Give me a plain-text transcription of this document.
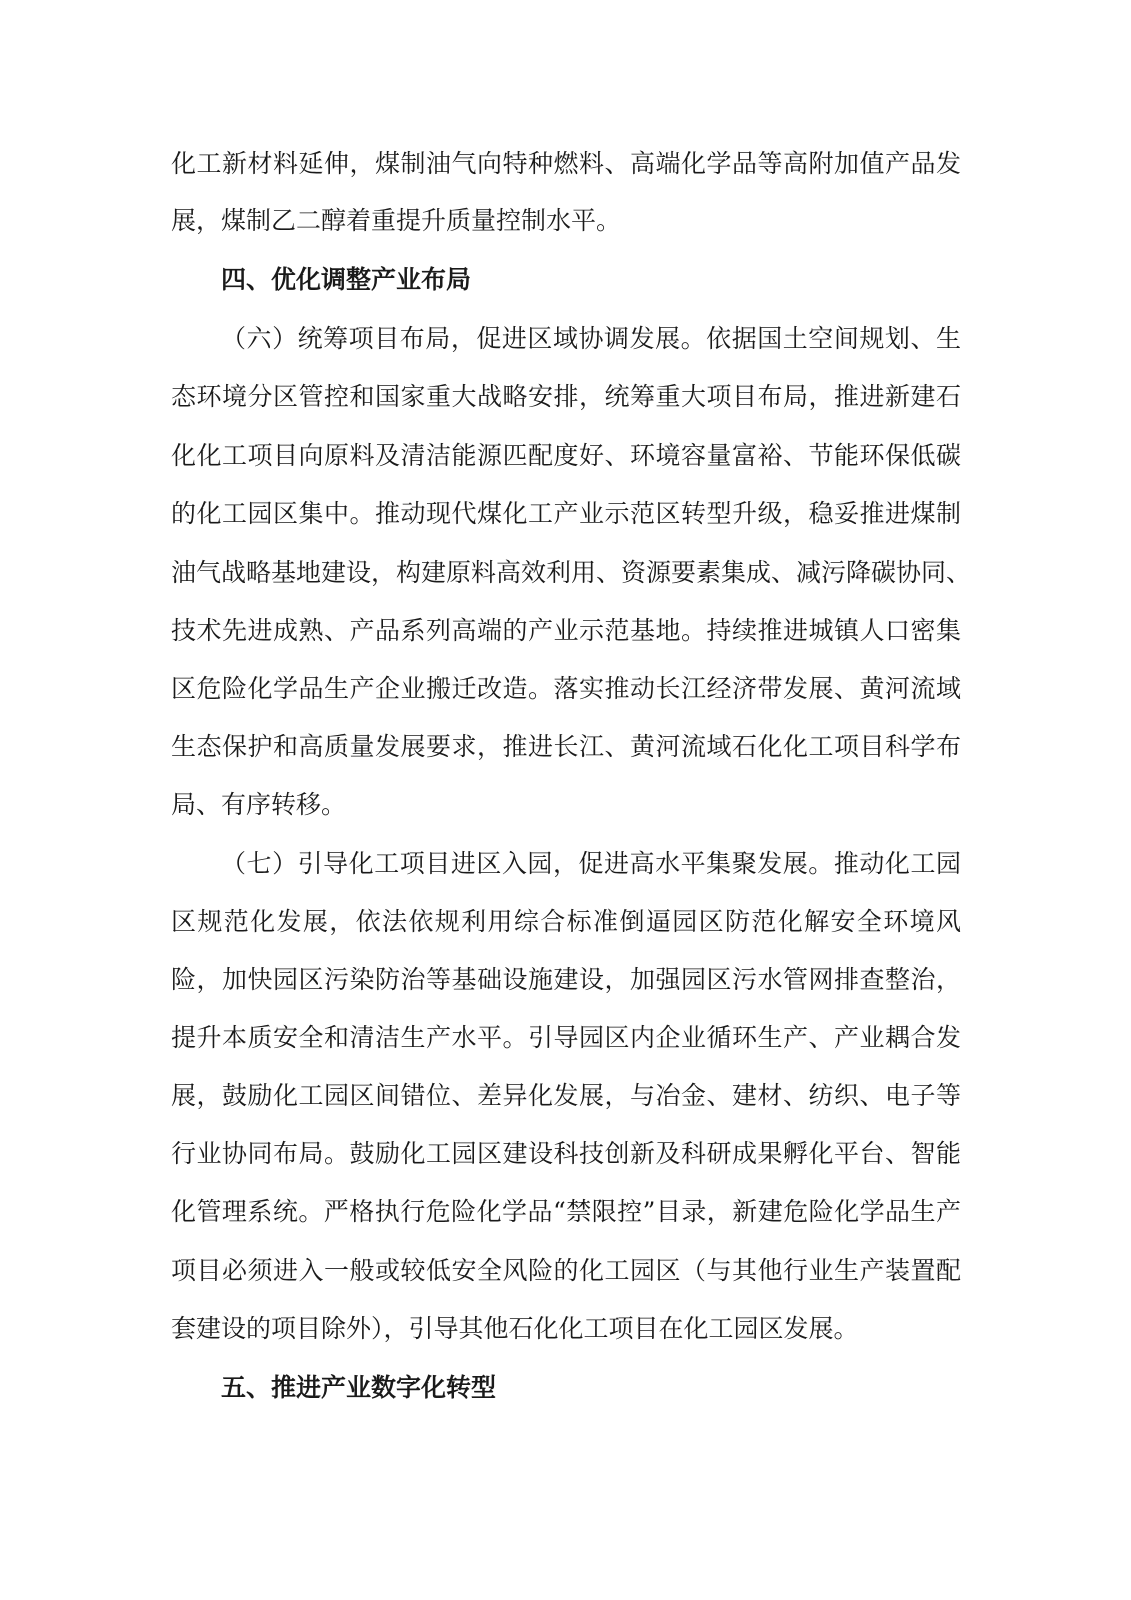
化工新材料延伸，煤制油气向特种燃料、高端化学品等高附加值产品发
展，煤制乙二醇着重提升质量控制水平。
四、优化调整产业布局
（六）统筹项目布局，促进区域协调发展。依据国土空间规划、生
态环境分区管控和国家重大战略安排，统筹重大项目布局，推进新建石
化化工项目向原料及清洁能源匹配度好、环境容量富裕、节能环保低碳
的化工园区集中。推动现代煤化工产业示范区转型升级，稳妥推进煤制
油气战略基地建设，构建原料高效利用、资源要素集成、减污降碳协同、
技术先进成熟、产品系列高端的产业示范基地。持续推进城镇人口密集
区危险化学品生产企业搬迁改造。落实推动长江经济带发展、黄河流域
生态保护和高质量发展要求，推进长江、黄河流域石化化工项目科学布
局、有序转移。
（七）引导化工项目进区入园，促进高水平集聚发展。推动化工园
区规范化发展，依法依规利用综合标准倒逼园区防范化解安全环境风
险，加快园区污染防治等基础设施建设，加强园区污水管网排查整治，
提升本质安全和清洁生产水平。引导园区内企业循环生产、产业耦合发
展，鼓励化工园区间错位、差异化发展，与冶金、建材、纺织、电子等
行业协同布局。鼓励化工园区建设科技创新及科研成果孵化平台、智能
化管理系统。严格执行危险化学品“禁限控”目录，新建危险化学品生产
项目必须进入一般或较低安全风险的化工园区（与其他行业生产装置配
套建设的项目除外），引导其他石化化工项目在化工园区发展。
五、推进产业数字化转型
